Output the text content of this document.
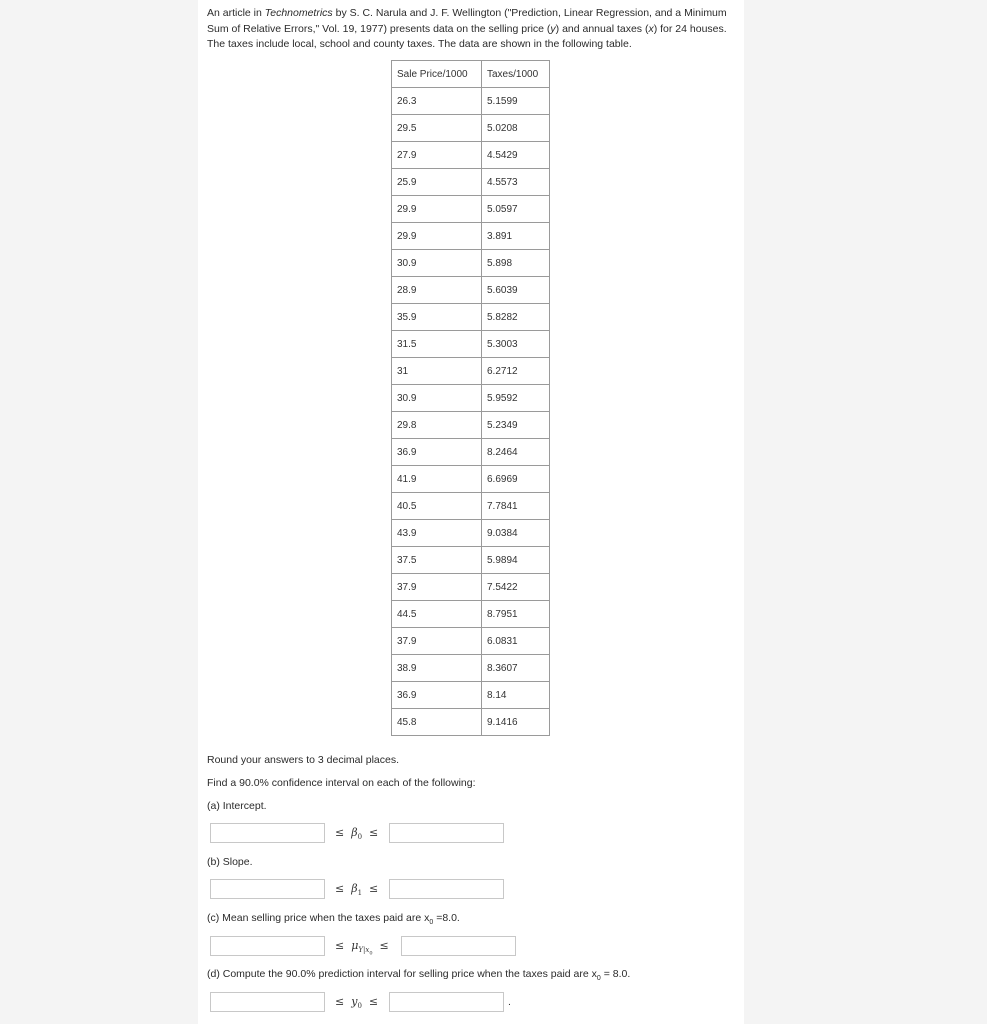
An article in Technometrics by S. C. Narula and J. F. Wellington ("Prediction, Linear Regression, and a Minimum Sum of Relative Errors," Vol. 19, 1977) presents data on the selling price (y) and annual taxes (x) for 24 houses. The taxes include local, school and county taxes. The data are shown in the following table.

Sale Price/1000	Taxes/1000
26.3	5.1599
29.5	5.0208
27.9	4.5429
25.9	4.5573
29.9	5.0597
29.9	3.891
30.9	5.898
28.9	5.6039
35.9	5.8282
31.5	5.3003
31	6.2712
30.9	5.9592
29.8	5.2349
36.9	8.2464
41.9	6.6969
40.5	7.7841
43.9	9.0384
37.5	5.9894
37.9	7.5422
44.5	8.7951
37.9	6.0831
38.9	8.3607
36.9	8.14
45.8	9.1416

Round your answers to 3 decimal places.

Find a 90.0% confidence interval on each of the following:

(a) Intercept.

≤ $\beta_0$ ≤

(b) Slope.

≤ $\beta_1$ ≤

(c) Mean selling price when the taxes paid are $x_0 =8.0$.

≤ $\mu_{Y|x_0}$  ≤

(d) Compute the 90.0% prediction interval for selling price when the taxes paid are $x_0 = 8.0$.

≤ $y_0$ ≤	.
